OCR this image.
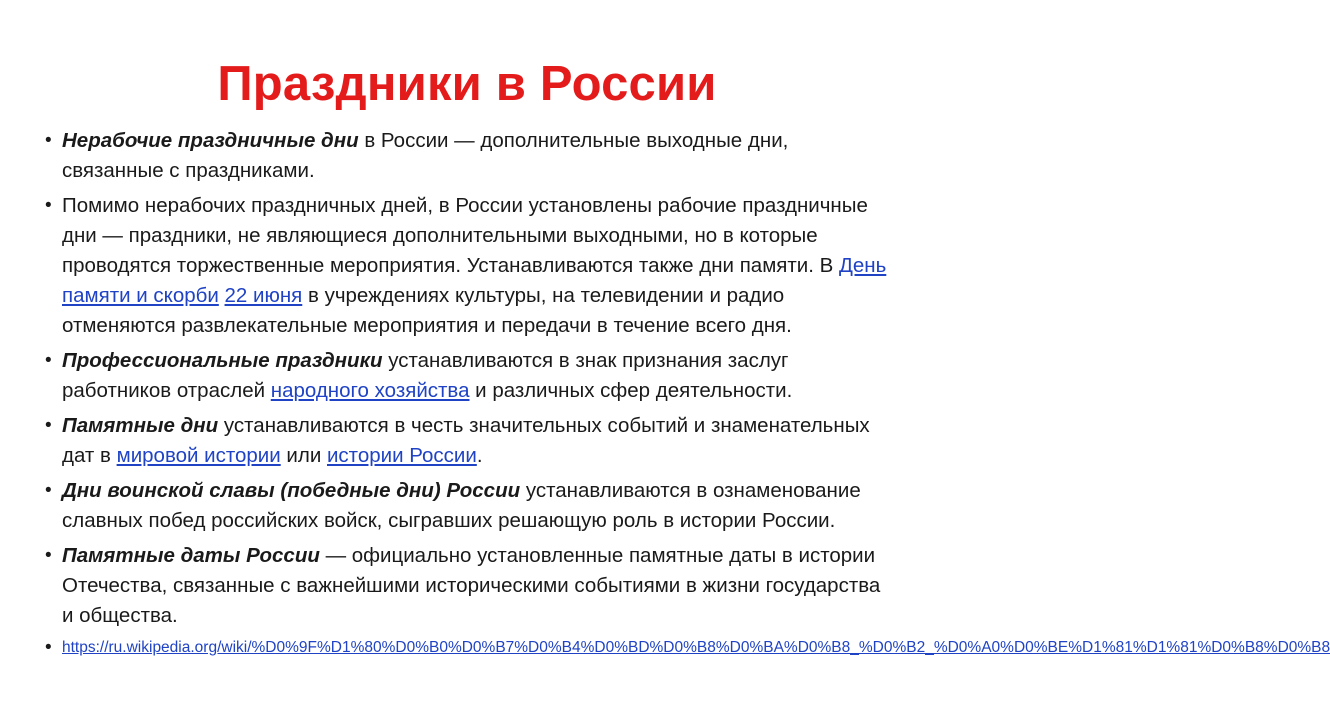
Праздники в России
• Нерабочие праздничные дни в России — дополнительные выходные дни, связанные с праздниками.
• Помимо нерабочих праздничных дней, в России установлены рабочие праздничные дни — праздники, не являющиеся дополнительными выходными, но в которые проводятся торжественные мероприятия. Устанавливаются также дни памяти. В День памяти и скорби 22 июня в учреждениях культуры, на телевидении и радио отменяются развлекательные мероприятия и передачи в течение всего дня.
• Профессиональные праздники устанавливаются в знак признания заслуг работников отраслей народного хозяйства и различных сфер деятельности.
• Памятные дни устанавливаются в честь значительных событий и знаменательных дат в мировой истории или истории России.
• Дни воинской славы (победные дни) России устанавливаются в ознаменование славных побед российских войск, сыгравших решающую роль в истории России.
• Памятные даты России — официально установленные памятные даты в истории Отечества, связанные с важнейшими историческими событиями в жизни государства и общества.
• https://ru.wikipedia.org/wiki/%D0%9F%D1%80%D0%B0%D0%B7%D0%B4%D0%BD%D0%B8%D0%BA%D0%B8_%D0%B2_%D0%A0%D0%BE%D1%81%D1%81%D0%B8%D0%B8
